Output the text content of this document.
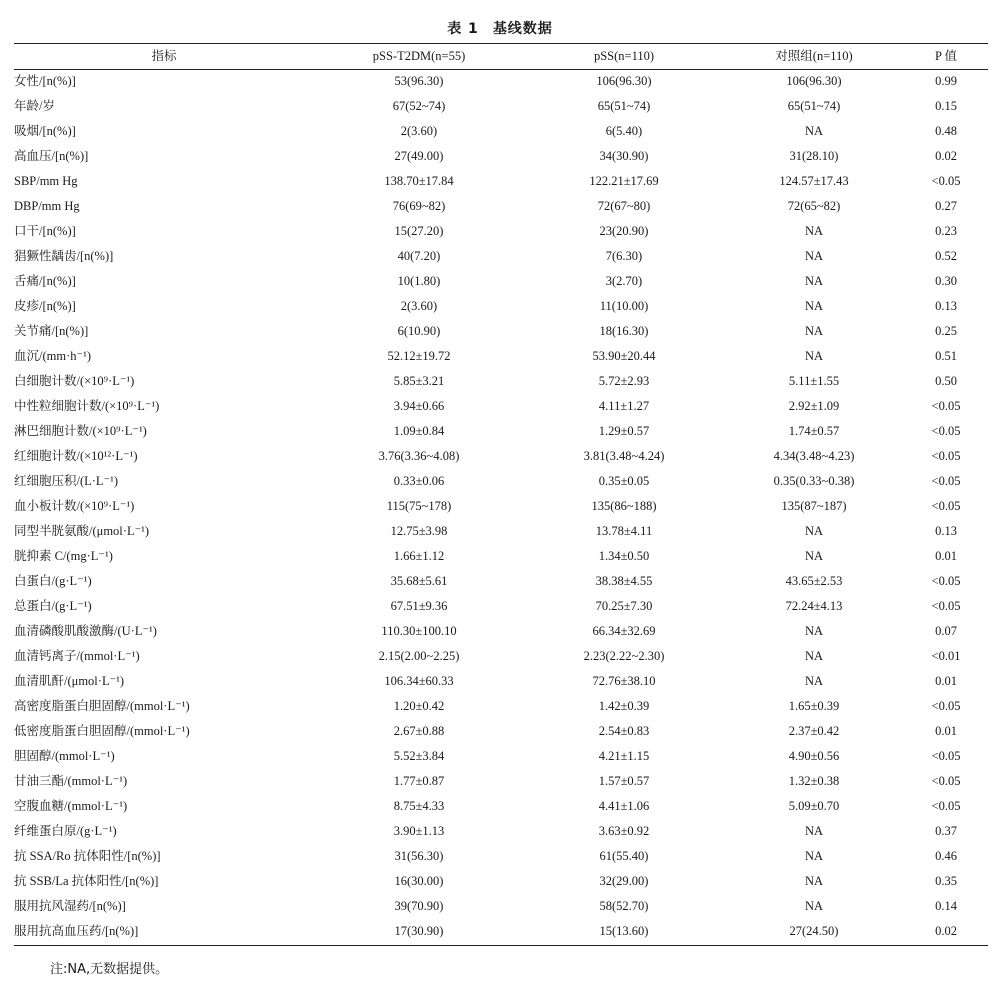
表 1 基线数据
指标	pSS-T2DM(n=55)	pSS(n=110)	对照组(n=110)	P 值
女性/[n(%)]	53(96.30)	106(96.30)	106(96.30)	0.99
年龄/岁	67(52~74)	65(51~74)	65(51~74)	0.15
吸烟/[n(%)]	2(3.60)	6(5.40)	NA	0.48
高血压/[n(%)]	27(49.00)	34(30.90)	31(28.10)	0.02
SBP/mm Hg	138.70±17.84	122.21±17.69	124.57±17.43	<0.05
DBP/mm Hg	76(69~82)	72(67~80)	72(65~82)	0.27
口干/[n(%)]	15(27.20)	23(20.90)	NA	0.23
猖獗性龋齿/[n(%)]	40(7.20)	7(6.30)	NA	0.52
舌痛/[n(%)]	10(1.80)	3(2.70)	NA	0.30
皮疹/[n(%)]	2(3.60)	11(10.00)	NA	0.13
关节痛/[n(%)]	6(10.90)	18(16.30)	NA	0.25
血沉/(mm·h⁻¹)	52.12±19.72	53.90±20.44	NA	0.51
白细胞计数/(×10⁹·L⁻¹)	5.85±3.21	5.72±2.93	5.11±1.55	0.50
中性粒细胞计数/(×10⁹·L⁻¹)	3.94±0.66	4.11±1.27	2.92±1.09	<0.05
淋巴细胞计数/(×10⁹·L⁻¹)	1.09±0.84	1.29±0.57	1.74±0.57	<0.05
红细胞计数/(×10¹²·L⁻¹)	3.76(3.36~4.08)	3.81(3.48~4.24)	4.34(3.48~4.23)	<0.05
红细胞压积/(L·L⁻¹)	0.33±0.06	0.35±0.05	0.35(0.33~0.38)	<0.05
血小板计数/(×10⁹·L⁻¹)	115(75~178)	135(86~188)	135(87~187)	<0.05
同型半胱氨酸/(μmol·L⁻¹)	12.75±3.98	13.78±4.11	NA	0.13
胱抑素 C/(mg·L⁻¹)	1.66±1.12	1.34±0.50	NA	0.01
白蛋白/(g·L⁻¹)	35.68±5.61	38.38±4.55	43.65±2.53	<0.05
总蛋白/(g·L⁻¹)	67.51±9.36	70.25±7.30	72.24±4.13	<0.05
血清磷酸肌酸激酶/(U·L⁻¹)	110.30±100.10	66.34±32.69	NA	0.07
血清钙离子/(mmol·L⁻¹)	2.15(2.00~2.25)	2.23(2.22~2.30)	NA	<0.01
血清肌酐/(μmol·L⁻¹)	106.34±60.33	72.76±38.10	NA	0.01
高密度脂蛋白胆固醇/(mmol·L⁻¹)	1.20±0.42	1.42±0.39	1.65±0.39	<0.05
低密度脂蛋白胆固醇/(mmol·L⁻¹)	2.67±0.88	2.54±0.83	2.37±0.42	0.01
胆固醇/(mmol·L⁻¹)	5.52±3.84	4.21±1.15	4.90±0.56	<0.05
甘油三酯/(mmol·L⁻¹)	1.77±0.87	1.57±0.57	1.32±0.38	<0.05
空腹血糖/(mmol·L⁻¹)	8.75±4.33	4.41±1.06	5.09±0.70	<0.05
纤维蛋白原/(g·L⁻¹)	3.90±1.13	3.63±0.92	NA	0.37
抗 SSA/Ro 抗体阳性/[n(%)]	31(56.30)	61(55.40)	NA	0.46
抗 SSB/La 抗体阳性/[n(%)]	16(30.00)	32(29.00)	NA	0.35
服用抗风湿药/[n(%)]	39(70.90)	58(52.70)	NA	0.14
服用抗高血压药/[n(%)]	17(30.90)	15(13.60)	27(24.50)	0.02
注:NA,无数据提供。
